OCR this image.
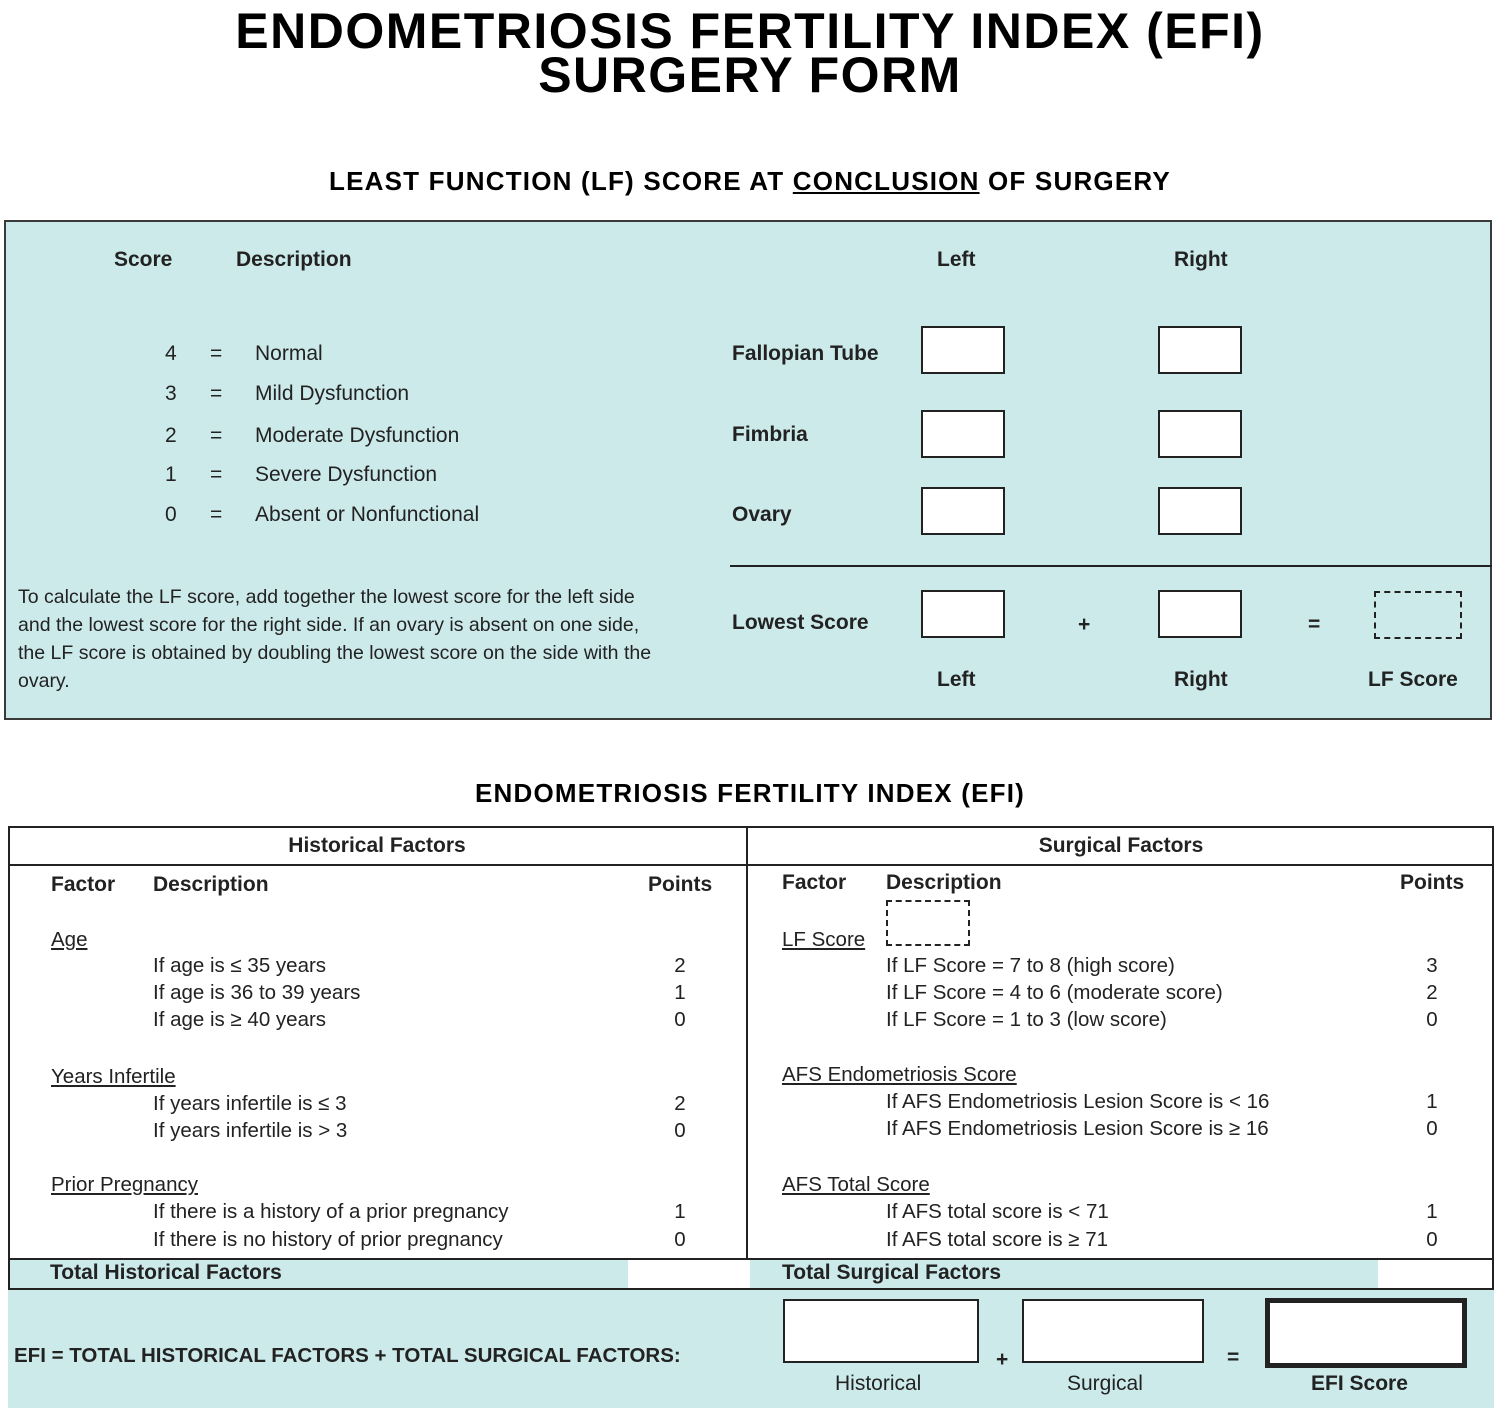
ENDOMETRIOSIS FERTILITY INDEX (EFI)
SURGERY FORM
LEAST FUNCTION (LF) SCORE AT CONCLUSION OF SURGERY
Score	Description	Left	Right
4 = Normal
3 = Mild Dysfunction
2 = Moderate Dysfunction
1 = Severe Dysfunction
0 = Absent or Nonfunctional
Fallopian Tube
Fimbria
Ovary
To calculate the LF score, add together the lowest score for the left side and the lowest score for the right side. If an ovary is absent on one side, the LF score is obtained by doubling the lowest score on the side with the ovary.
Lowest Score	+	=
Left	Right	LF Score
ENDOMETRIOSIS FERTILITY INDEX (EFI)
Historical Factors	Surgical Factors
Factor Description	Points
Age
If age is ≤ 35 years	2
If age is 36 to 39 years	1
If age is ≥ 40 years	0
Years Infertile
If years infertile is ≤ 3	2
If years infertile is > 3	0
Prior Pregnancy
If there is a history of a prior pregnancy	1
If there is no history of prior pregnancy	0
Factor Description	Points
LF Score
If LF Score = 7 to 8 (high score)	3
If LF Score = 4 to 6 (moderate score)	2
If LF Score = 1 to 3 (low score)	0
AFS Endometriosis Score
If AFS Endometriosis Lesion Score is < 16	1
If AFS Endometriosis Lesion Score is ≥ 16	0
AFS Total Score
If AFS total score is < 71	1
If AFS total score is ≥ 71	0
Total Historical Factors	Total Surgical Factors
EFI = TOTAL HISTORICAL FACTORS + TOTAL SURGICAL FACTORS:	+	=
Historical	Surgical	EFI Score
